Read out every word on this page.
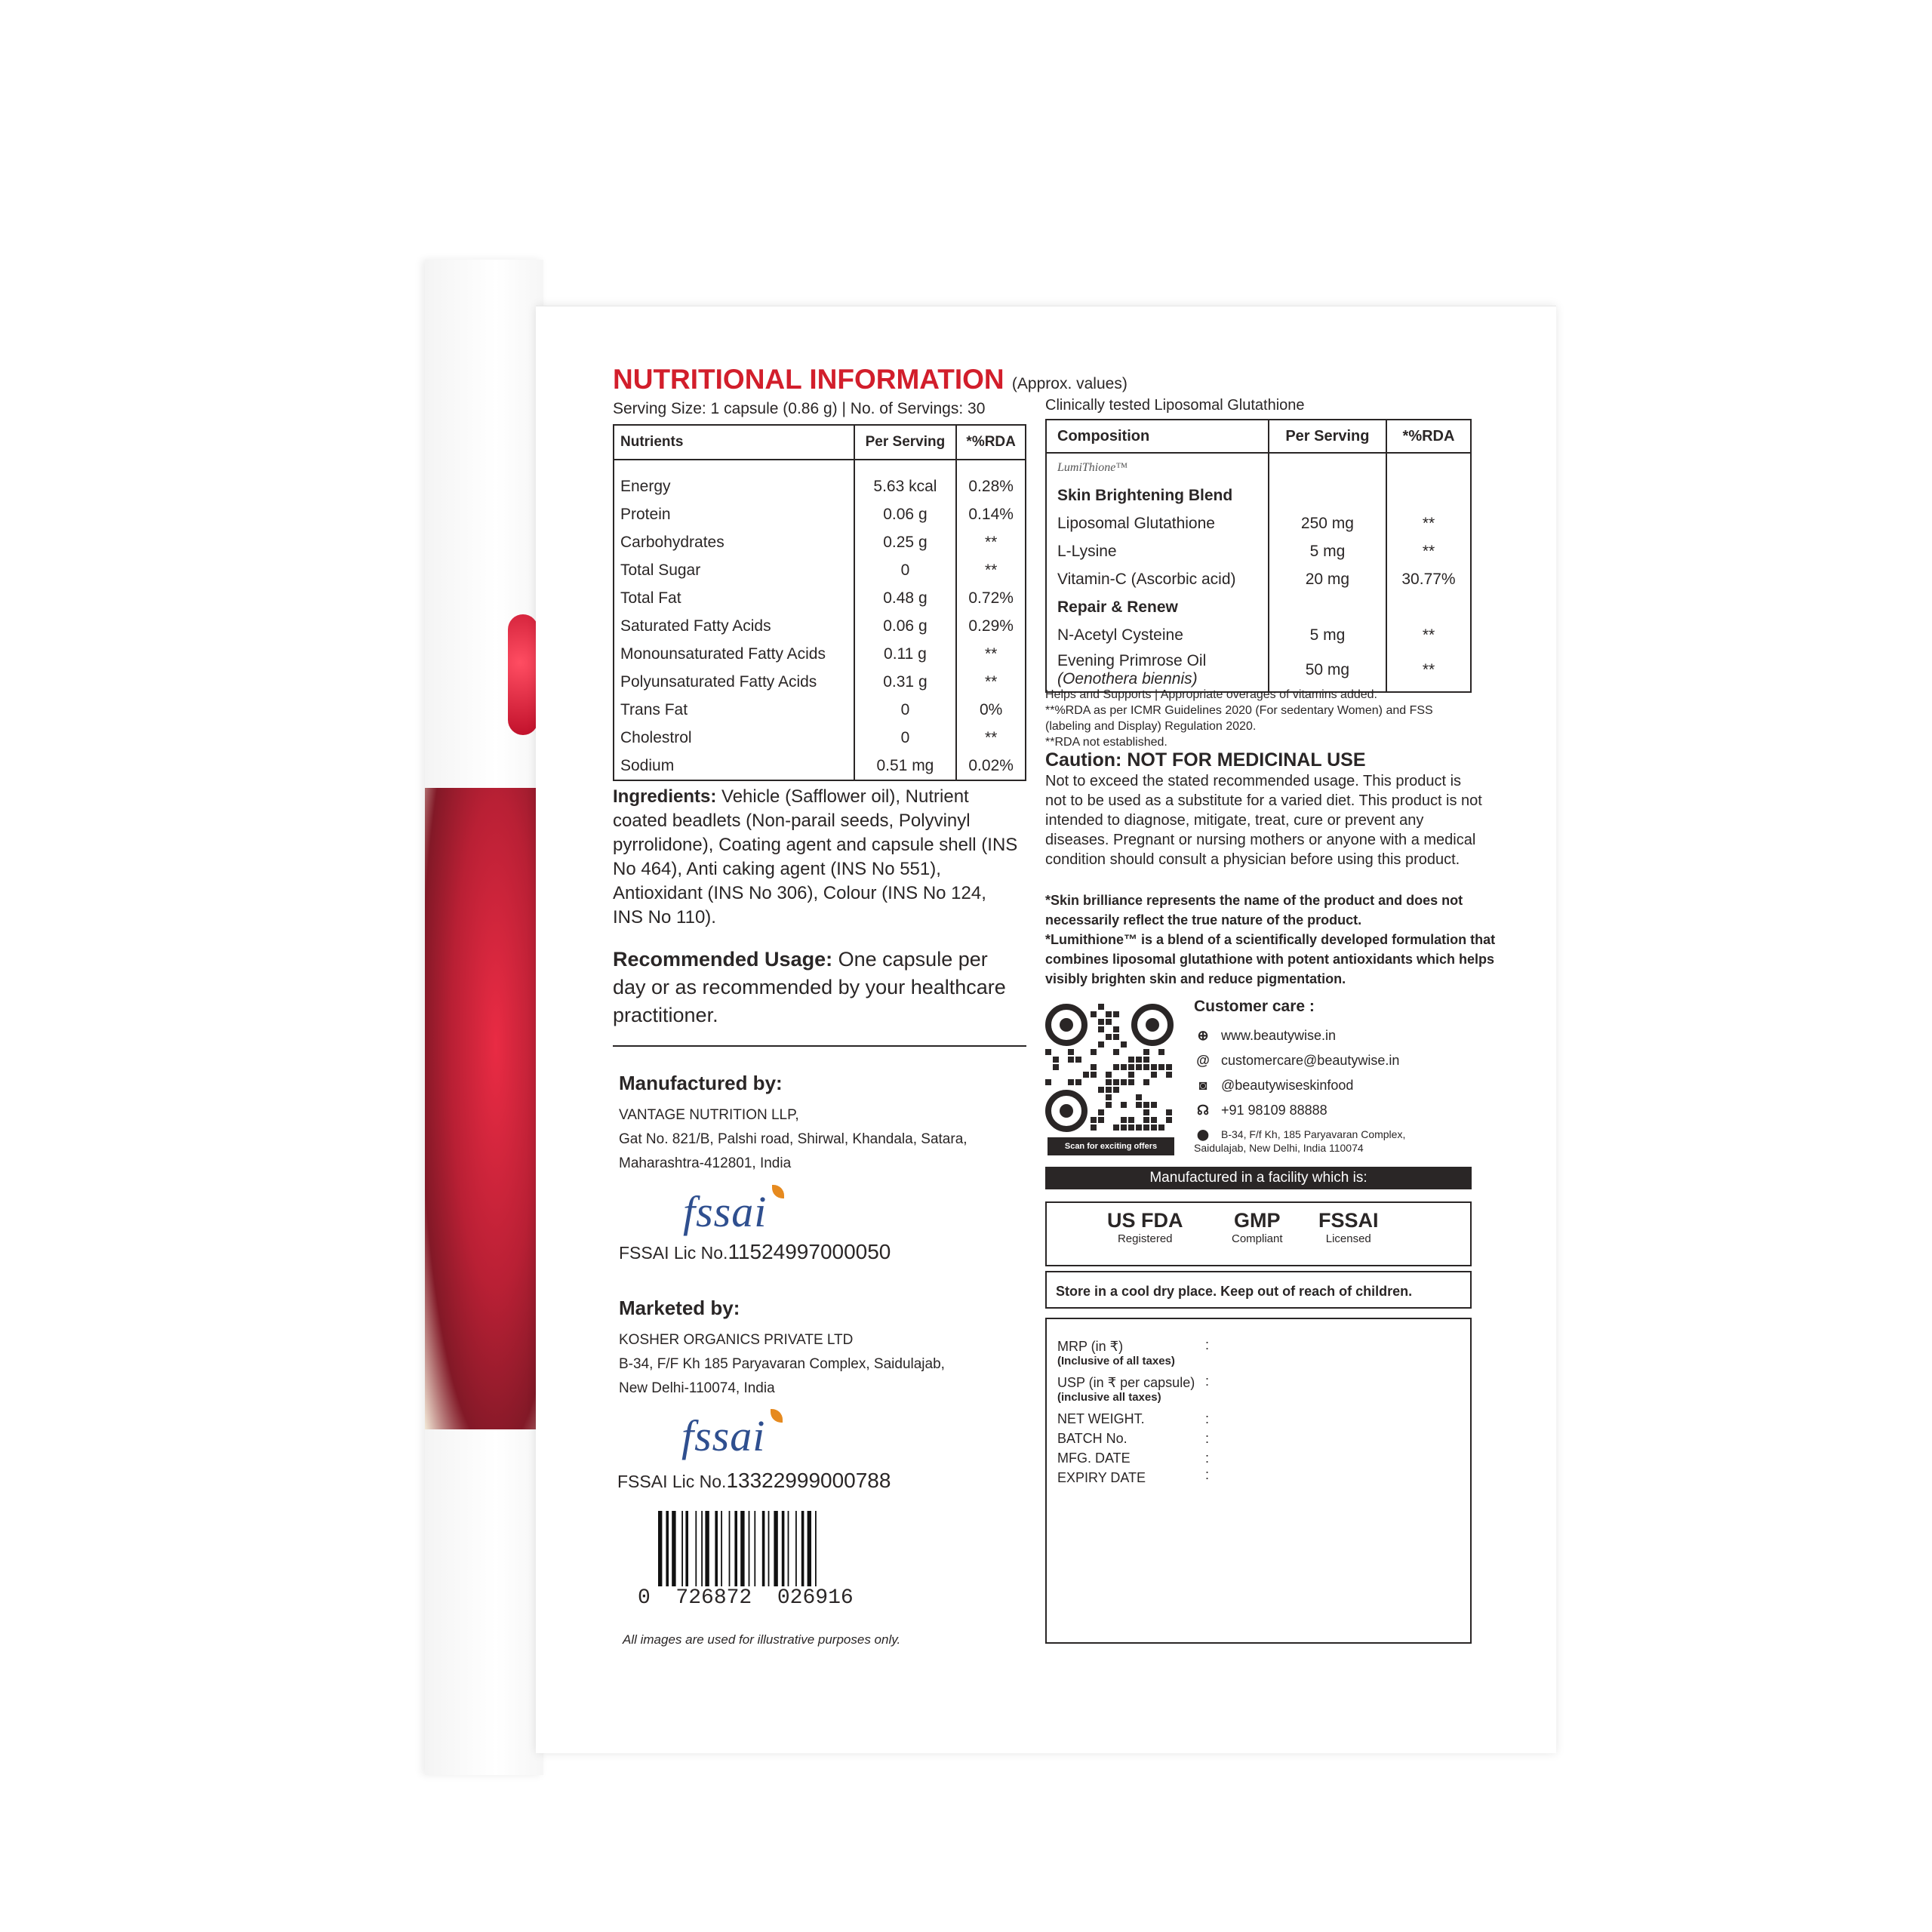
NUTRITIONAL INFORMATION (Approx. values)
Serving Size: 1 capsule (0.86 g) | No. of Servings: 30
Nutrients	Per Serving	*%RDA
Energy	5.63 kcal	0.28%
Protein	0.06 g	0.14%
Carbohydrates	0.25 g	**
Total Sugar	0	**
Total Fat	0.48 g	0.72%
Saturated Fatty Acids	0.06 g	0.29%
Monounsaturated Fatty Acids	0.11 g	**
Polyunsaturated Fatty Acids	0.31 g	**
Trans Fat	0	0%
Cholestrol	0	**
Sodium	0.51 mg	0.02%
Clinically tested Liposomal Glutathione
Composition	Per Serving	*%RDA
LumiThione™		
Skin Brightening Blend		
Liposomal Glutathione	250 mg	**
L-Lysine	5 mg	**
Vitamin-C (Ascorbic acid)	20 mg	30.77%
Repair & Renew		
N-Acetyl Cysteine	5 mg	**
Evening Primrose Oil
(Oenothera biennis)	50 mg	**
Helps and Supports | Appropriate overages of vitamins added.
**%RDA as per ICMR Guidelines 2020 (For sedentary Women) and FSS (labeling and Display) Regulation 2020.
**RDA not established.
Caution: NOT FOR MEDICINAL USE
Not to exceed the stated recommended usage. This product is not to be used as a substitute for a varied diet. This product is not intended to diagnose, mitigate, treat, cure or prevent any diseases. Pregnant or nursing mothers or anyone with a medical condition should consult a physician before using this product.
*Skin brilliance represents the name of the product and does not necessarily reflect the true nature of the product.
*Lumithione™ is a blend of a scientifically developed formulation that combines liposomal glutathione with potent antioxidants which helps visibly brighten skin and reduce pigmentation.
Ingredients: Vehicle (Safflower oil), Nutrient coated beadlets (Non-parail seeds, Polyvinyl pyrrolidone), Coating agent and capsule shell (INS No 464), Anti caking agent (INS No 551), Antioxidant (INS No 306), Colour (INS No 124, INS No 110).
Recommended Usage: One capsule per day or as recommended by your healthcare practitioner.
Manufactured by:
VANTAGE NUTRITION LLP,
Gat No. 821/B, Palshi road, Shirwal, Khandala, Satara,
Maharashtra-412801, India
fssai
FSSAI Lic No.11524997000050
Marketed by:
KOSHER ORGANICS PRIVATE LTD
B-34, F/F Kh 185 Paryavaran Complex, Saidulajab,
New Delhi-110074, India
fssai
FSSAI Lic No.13322999000788
0 726872 026916
All images are used for illustrative purposes only.
Scan for exciting offers
Customer care :
⊕ www.beautywise.in
@ customercare@beautywise.in
◙ @beautywiseskinfood
☊ +91 98109 88888
⬤ B-34, F/f Kh, 185 Paryavaran Complex, Saidulajab, New Delhi, India 110074
Manufactured in a facility which is:
US FDA
Registered
GMP
Compliant
FSSAI
Licensed
Store in a cool dry place. Keep out of reach of children.
MRP (in ₹)
(Inclusive of all taxes)
:
USP (in ₹ per capsule)
(inclusive all taxes)
:
NET WEIGHT.	:
BATCH No.	:
MFG. DATE	:
EXPIRY DATE	:
